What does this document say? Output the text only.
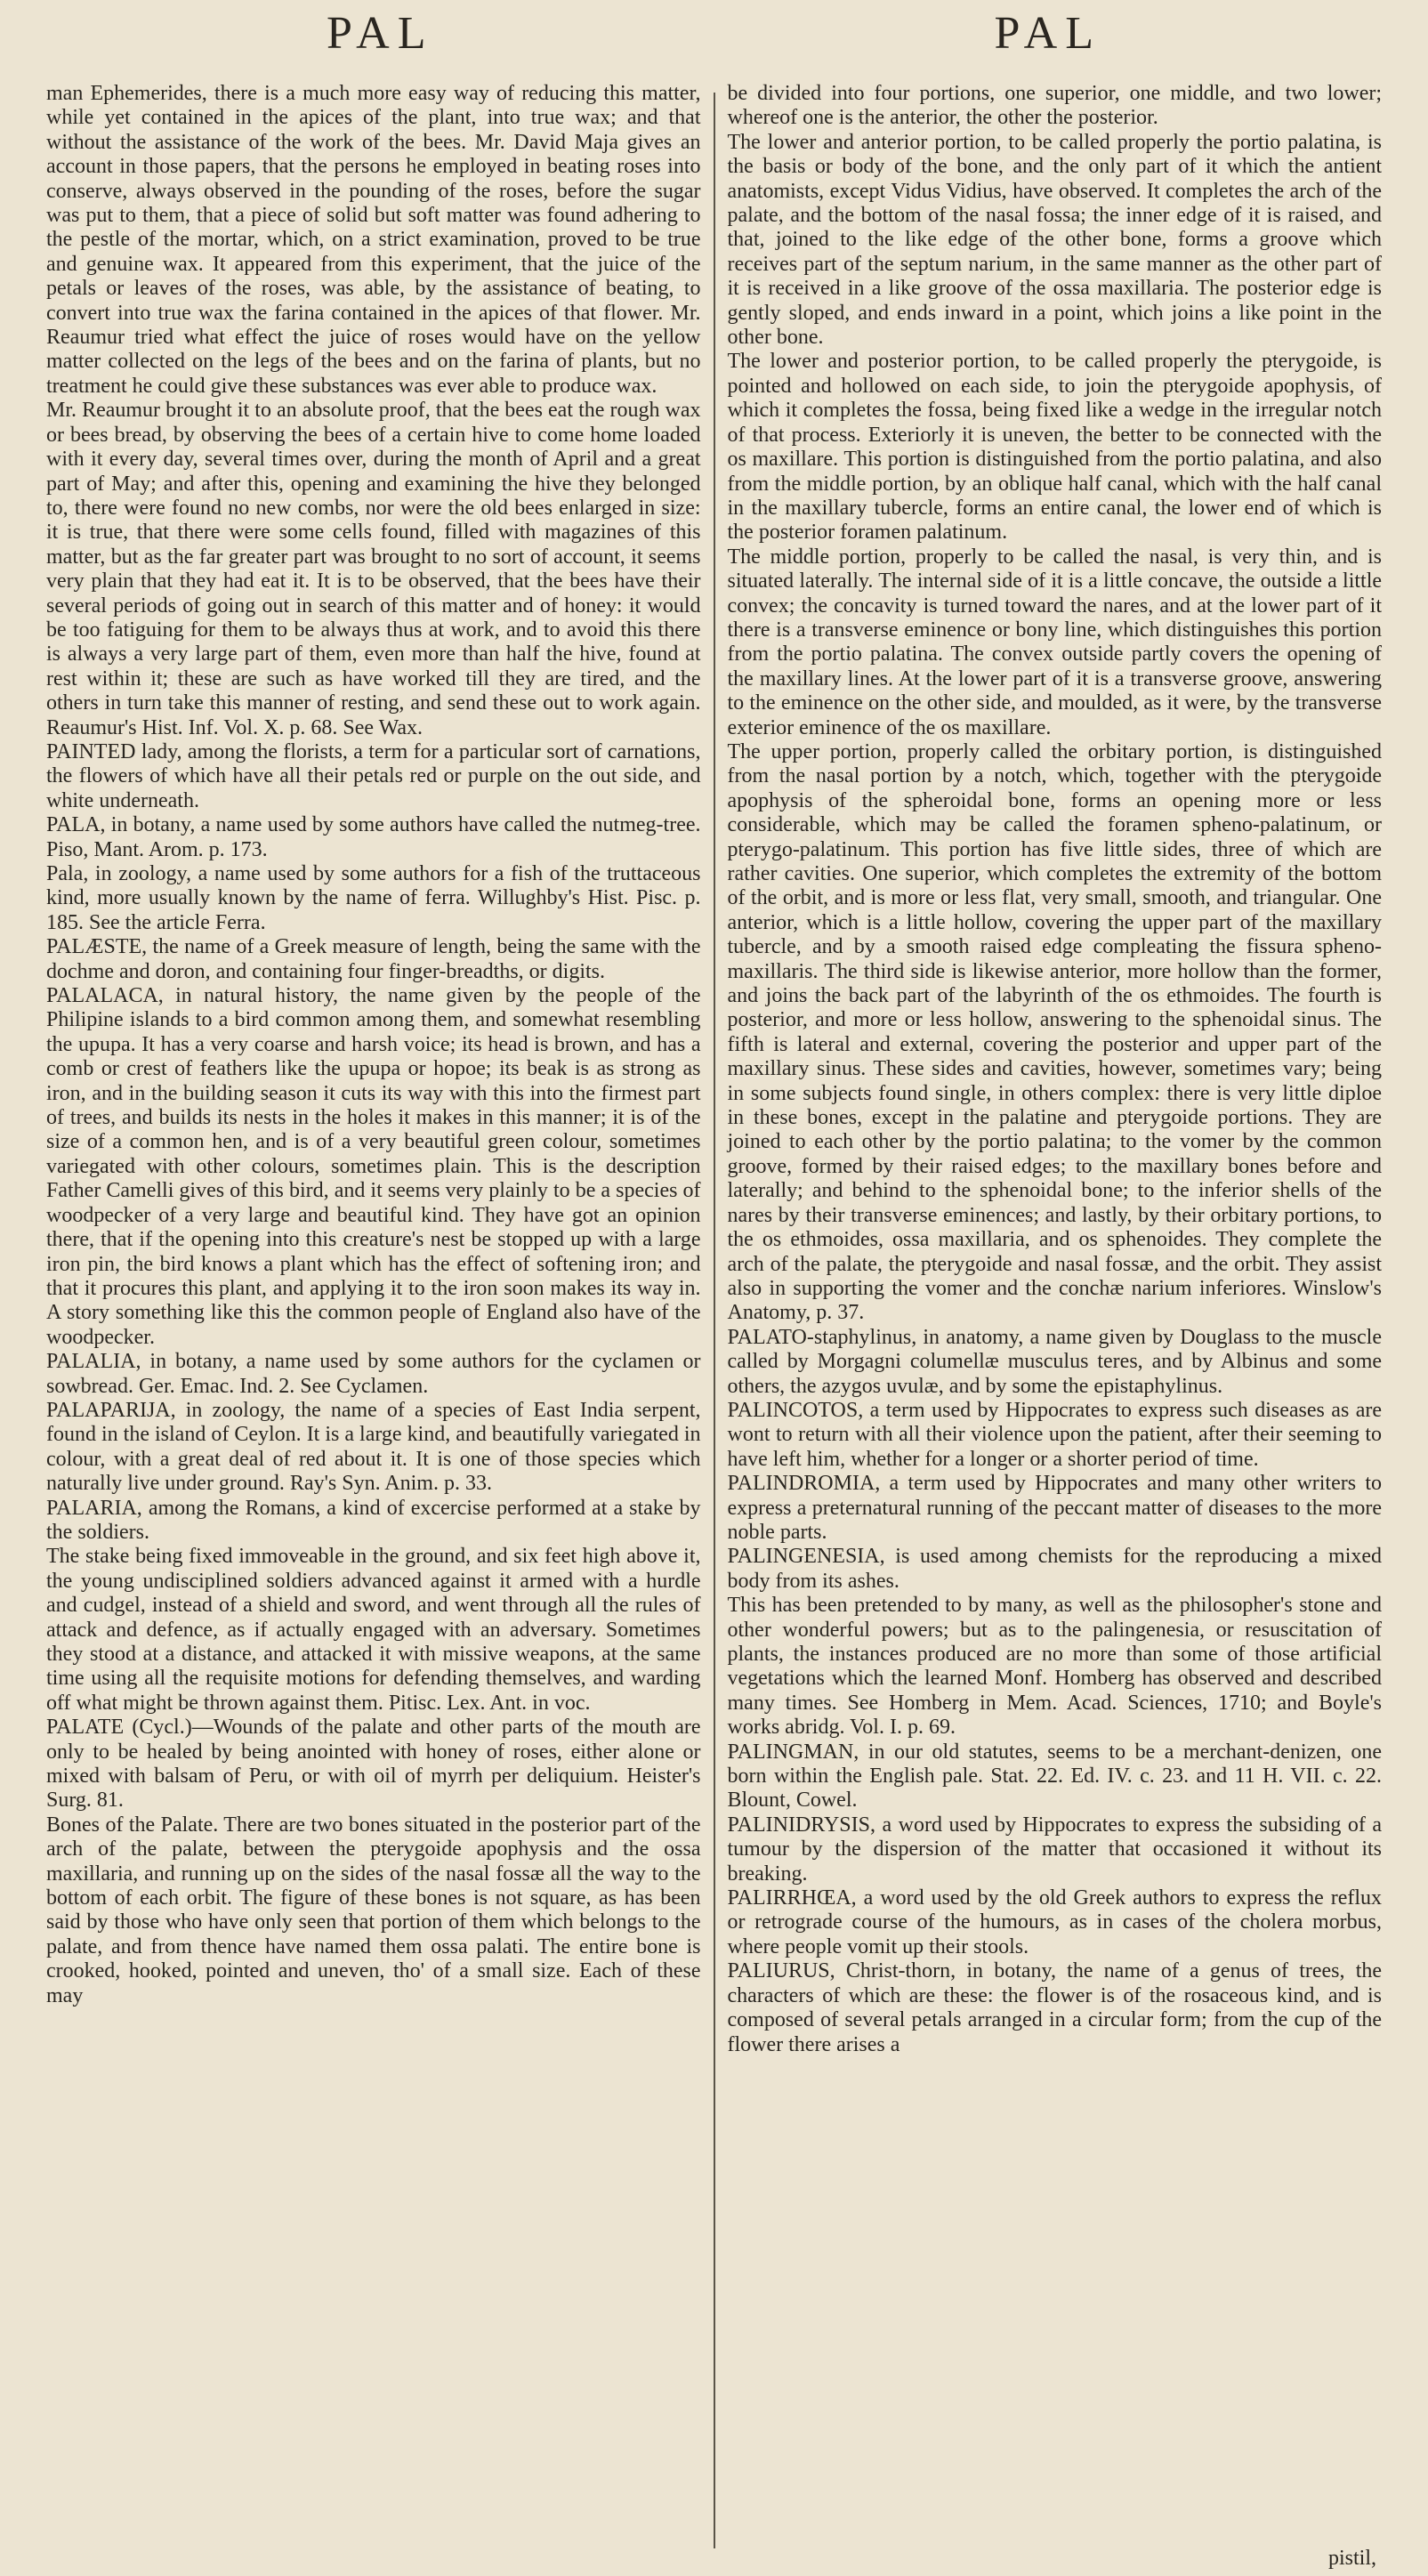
PAL	PAL

man Ephemerides, there is a much more easy way of reducing this matter, while yet contained in the apices of the plant, into true wax; and that without the assistance of the work of the bees. Mr. David Maja gives an account in those papers, that the persons he employed in beating roses into conserve, always observed in the pounding of the roses, before the sugar was put to them, that a piece of solid but soft matter was found adhering to the pestle of the mortar, which, on a strict examination, proved to be true and genuine wax. It appeared from this experiment, that the juice of the petals or leaves of the roses, was able, by the assistance of beating, to convert into true wax the farina contained in the apices of that flower. Mr. Reaumur tried what effect the juice of roses would have on the yellow matter collected on the legs of the bees and on the farina of plants, but no treatment he could give these substances was ever able to produce wax.

Mr. Reaumur brought it to an absolute proof, that the bees eat the rough wax or bees bread, by observing the bees of a certain hive to come home loaded with it every day, several times over, during the month of April and a great part of May; and after this, opening and examining the hive they belonged to, there were found no new combs, nor were the old bees enlarged in size: it is true, that there were some cells found, filled with magazines of this matter, but as the far greater part was brought to no sort of account, it seems very plain that they had eat it. It is to be observed, that the bees have their several periods of going out in search of this matter and of honey: it would be too fatiguing for them to be always thus at work, and to avoid this there is always a very large part of them, even more than half the hive, found at rest within it; these are such as have worked till they are tired, and the others in turn take this manner of resting, and send these out to work again. Reaumur's Hist. Inf. Vol. X. p. 68. See Wax.

PAINTED lady, among the florists, a term for a particular sort of carnations, the flowers of which have all their petals red or purple on the out side, and white underneath.

PALA, in botany, a name used by some authors have called the nutmeg-tree. Piso, Mant. Arom. p. 173.

Pala, in zoology, a name used by some authors for a fish of the truttaceous kind, more usually known by the name of ferra. Willughby's Hist. Pisc. p. 185. See the article Ferra.

PALÆSTE, the name of a Greek measure of length, being the same with the dochme and doron, and containing four finger-breadths, or digits.

PALALACA, in natural history, the name given by the people of the Philipine islands to a bird common among them, and somewhat resembling the upupa. It has a very coarse and harsh voice; its head is brown, and has a comb or crest of feathers like the upupa or hopoe; its beak is as strong as iron, and in the building season it cuts its way with this into the firmest part of trees, and builds its nests in the holes it makes in this manner; it is of the size of a common hen, and is of a very beautiful green colour, sometimes variegated with other colours, sometimes plain. This is the description Father Camelli gives of this bird, and it seems very plainly to be a species of woodpecker of a very large and beautiful kind. They have got an opinion there, that if the opening into this creature's nest be stopped up with a large iron pin, the bird knows a plant which has the effect of softening iron; and that it procures this plant, and applying it to the iron soon makes its way in. A story something like this the common people of England also have of the woodpecker.

PALALIA, in botany, a name used by some authors for the cyclamen or sowbread. Ger. Emac. Ind. 2. See Cyclamen.

PALAPARIJA, in zoology, the name of a species of East India serpent, found in the island of Ceylon. It is a large kind, and beautifully variegated in colour, with a great deal of red about it. It is one of those species which naturally live under ground. Ray's Syn. Anim. p. 33.

PALARIA, among the Romans, a kind of excercise performed at a stake by the soldiers.

The stake being fixed immoveable in the ground, and six feet high above it, the young undisciplined soldiers advanced against it armed with a hurdle and cudgel, instead of a shield and sword, and went through all the rules of attack and defence, as if actually engaged with an adversary. Sometimes they stood at a distance, and attacked it with missive weapons, at the same time using all the requisite motions for defending themselves, and warding off what might be thrown against them. Pitisc. Lex. Ant. in voc.

PALATE (Cycl.)—Wounds of the palate and other parts of the mouth are only to be healed by being anointed with honey of roses, either alone or mixed with balsam of Peru, or with oil of myrrh per deliquium. Heister's Surg. 81.

Bones of the Palate. There are two bones situated in the posterior part of the arch of the palate, between the pterygoide apophysis and the ossa maxillaria, and running up on the sides of the nasal fossæ all the way to the bottom of each orbit. The figure of these bones is not square, as has been said by those who have only seen that portion of them which belongs to the palate, and from thence have named them ossa palati. The entire bone is crooked, hooked, pointed and uneven, tho' of a small size. Each of these may

be divided into four portions, one superior, one middle, and two lower; whereof one is the anterior, the other the posterior.

The lower and anterior portion, to be called properly the portio palatina, is the basis or body of the bone, and the only part of it which the antient anatomists, except Vidus Vidius, have observed. It completes the arch of the palate, and the bottom of the nasal fossa; the inner edge of it is raised, and that, joined to the like edge of the other bone, forms a groove which receives part of the septum narium, in the same manner as the other part of it is received in a like groove of the ossa maxillaria. The posterior edge is gently sloped, and ends inward in a point, which joins a like point in the other bone.

The lower and posterior portion, to be called properly the pterygoide, is pointed and hollowed on each side, to join the pterygoide apophysis, of which it completes the fossa, being fixed like a wedge in the irregular notch of that process. Exteriorly it is uneven, the better to be connected with the os maxillare. This portion is distinguished from the portio palatina, and also from the middle portion, by an oblique half canal, which with the half canal in the maxillary tubercle, forms an entire canal, the lower end of which is the posterior foramen palatinum.

The middle portion, properly to be called the nasal, is very thin, and is situated laterally. The internal side of it is a little concave, the outside a little convex; the concavity is turned toward the nares, and at the lower part of it there is a transverse eminence or bony line, which distinguishes this portion from the portio palatina. The convex outside partly covers the opening of the maxillary lines. At the lower part of it is a transverse groove, answering to the eminence on the other side, and moulded, as it were, by the transverse exterior eminence of the os maxillare.

The upper portion, properly called the orbitary portion, is distinguished from the nasal portion by a notch, which, together with the pterygoide apophysis of the spheroidal bone, forms an opening more or less considerable, which may be called the foramen spheno-palatinum, or pterygo-palatinum. This portion has five little sides, three of which are rather cavities. One superior, which completes the extremity of the bottom of the orbit, and is more or less flat, very small, smooth, and triangular. One anterior, which is a little hollow, covering the upper part of the maxillary tubercle, and by a smooth raised edge compleating the fissura spheno-maxillaris. The third side is likewise anterior, more hollow than the former, and joins the back part of the labyrinth of the os ethmoides. The fourth is posterior, and more or less hollow, answering to the sphenoidal sinus. The fifth is lateral and external, covering the posterior and upper part of the maxillary sinus. These sides and cavities, however, sometimes vary; being in some subjects found single, in others complex: there is very little diploe in these bones, except in the palatine and pterygoide portions. They are joined to each other by the portio palatina; to the vomer by the common groove, formed by their raised edges; to the maxillary bones before and laterally; and behind to the sphenoidal bone; to the inferior shells of the nares by their transverse eminences; and lastly, by their orbitary portions, to the os ethmoides, ossa maxillaria, and os sphenoides. They complete the arch of the palate, the pterygoide and nasal fossæ, and the orbit. They assist also in supporting the vomer and the conchæ narium inferiores. Winslow's Anatomy, p. 37.

PALATO-staphylinus, in anatomy, a name given by Douglass to the muscle called by Morgagni columellæ musculus teres, and by Albinus and some others, the azygos uvulæ, and by some the epistaphylinus.

PALINCOTOS, a term used by Hippocrates to express such diseases as are wont to return with all their violence upon the patient, after their seeming to have left him, whether for a longer or a shorter period of time.

PALINDROMIA, a term used by Hippocrates and many other writers to express a preternatural running of the peccant matter of diseases to the more noble parts.

PALINGENESIA, is used among chemists for the reproducing a mixed body from its ashes.

This has been pretended to by many, as well as the philosopher's stone and other wonderful powers; but as to the palingenesia, or resuscitation of plants, the instances produced are no more than some of those artificial vegetations which the learned Monf. Homberg has observed and described many times. See Homberg in Mem. Acad. Sciences, 1710; and Boyle's works abridg. Vol. I. p. 69.

PALINGMAN, in our old statutes, seems to be a merchant-denizen, one born within the English pale. Stat. 22. Ed. IV. c. 23. and 11 H. VII. c. 22. Blount, Cowel.

PALINIDRYSIS, a word used by Hippocrates to express the subsiding of a tumour by the dispersion of the matter that occasioned it without its breaking.

PALIRRHŒA, a word used by the old Greek authors to express the reflux or retrograde course of the humours, as in cases of the cholera morbus, where people vomit up their stools.

PALIURUS, Christ-thorn, in botany, the name of a genus of trees, the characters of which are these: the flower is of the rosaceous kind, and is composed of several petals arranged in a circular form; from the cup of the flower there arises a

pistil,
